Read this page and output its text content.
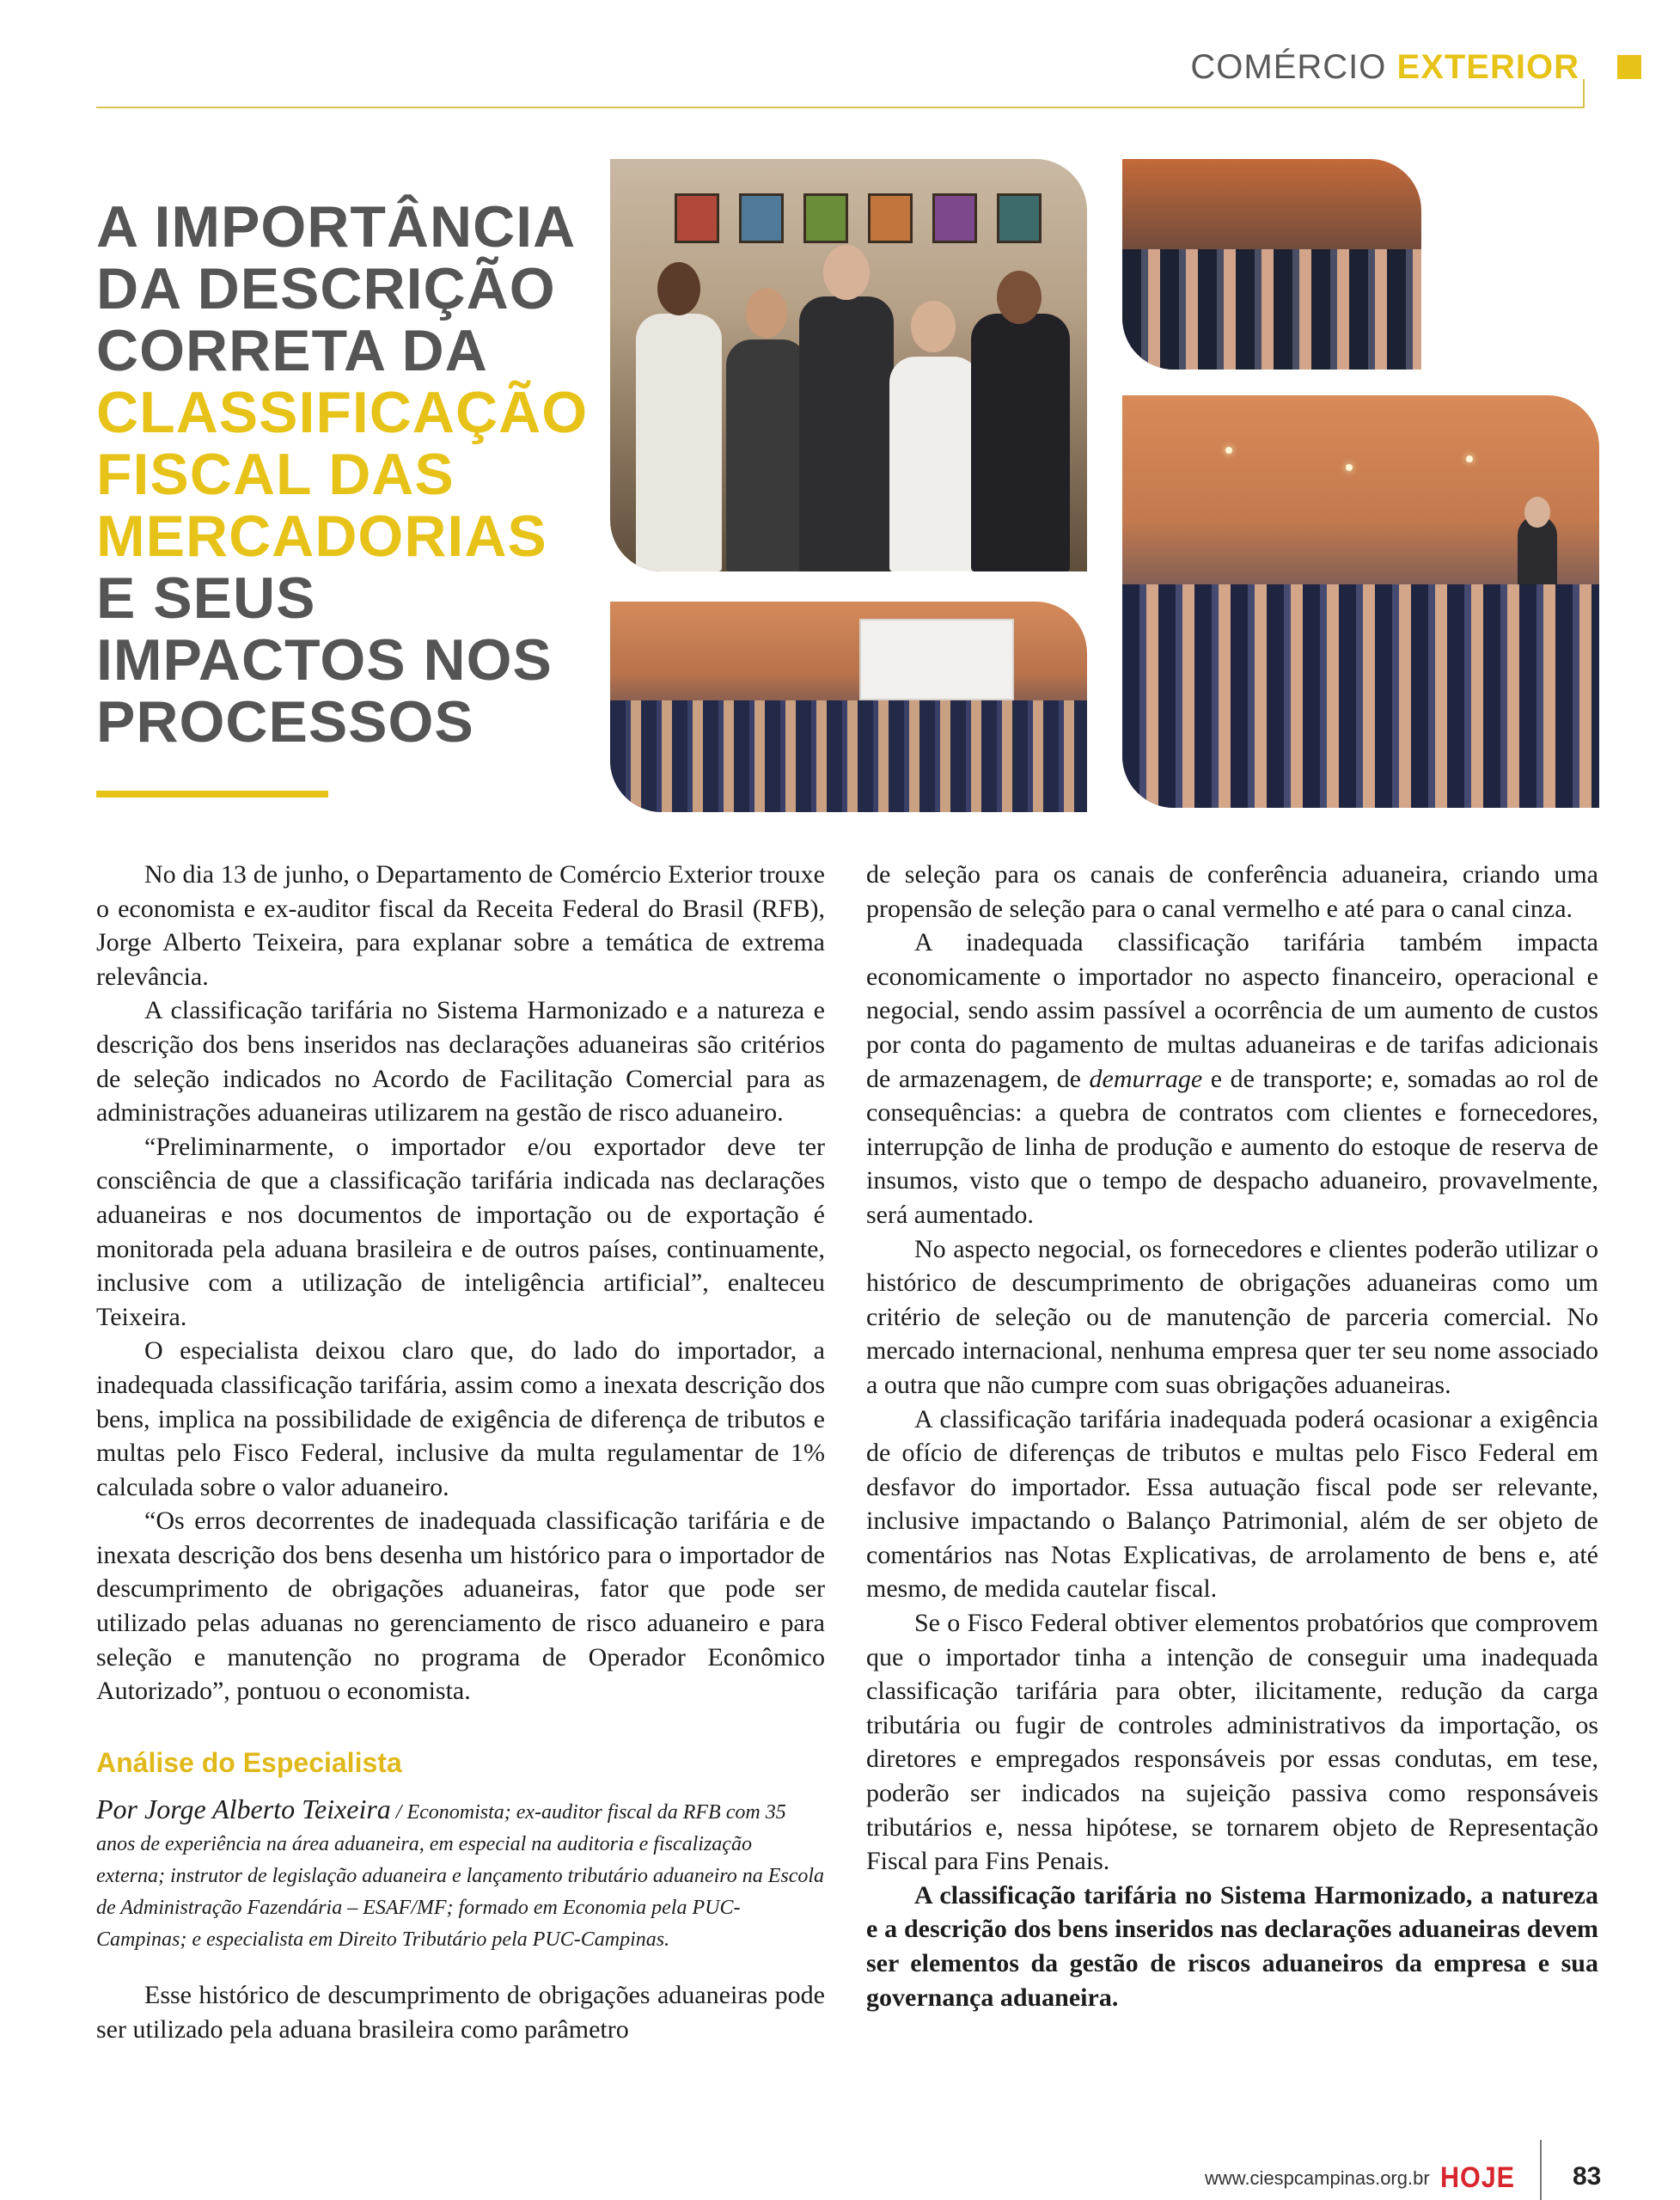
COMÉRCIO EXTERIOR
A IMPORTÂNCIA
DA DESCRIÇÃO
CORRETA DA
CLASSIFICAÇÃO
FISCAL DAS
MERCADORIAS
E SEUS
IMPACTOS NOS
PROCESSOS

No dia 13 de junho, o Departamento de Comércio Exterior trouxe o economista e ex-auditor fiscal da Receita Federal do Brasil (RFB), Jorge Alberto Teixeira, para explanar sobre a temática de extrema relevância.

A classificação tarifária no Sistema Harmonizado e a natureza e descrição dos bens inseridos nas declarações aduaneiras são critérios de seleção indicados no Acordo de Facilitação Comercial para as administrações aduaneiras utilizarem na gestão de risco aduaneiro.

“Preliminarmente, o importador e/ou exportador deve ter consciência de que a classificação tarifária indicada nas declarações aduaneiras e nos documentos de importação ou de exportação é monitorada pela aduana brasileira e de outros países, continuamente, inclusive com a utilização de inteligência artificial”, enalteceu Teixeira.

O especialista deixou claro que, do lado do importador, a inadequada classificação tarifária, assim como a inexata descrição dos bens, implica na possibilidade de exigência de diferença de tributos e multas pelo Fisco Federal, inclusive da multa regulamentar de 1% calculada sobre o valor aduaneiro.

“Os erros decorrentes de inadequada classificação tarifária e de inexata descrição dos bens desenha um histórico para o importador de descumprimento de obrigações aduaneiras, fator que pode ser utilizado pelas aduanas no gerenciamento de risco aduaneiro e para seleção e manutenção no programa de Operador Econômico Autorizado”, pontuou o economista.

Análise do Especialista

Por Jorge Alberto Teixeira / Economista; ex-auditor fiscal da RFB com 35 anos de experiência na área aduaneira, em especial na auditoria e fiscalização externa; instrutor de legislação aduaneira e lançamento tributário aduaneiro na Escola de Administração Fazendária – ESAF/MF; formado em Economia pela PUC-Campinas; e especialista em Direito Tributário pela PUC-Campinas.

Esse histórico de descumprimento de obrigações aduaneiras pode ser utilizado pela aduana brasileira como parâmetro

de seleção para os canais de conferência aduaneira, criando uma propensão de seleção para o canal vermelho e até para o canal cinza.

A inadequada classificação tarifária também impacta economicamente o importador no aspecto financeiro, operacional e negocial, sendo assim passível a ocorrência de um aumento de custos por conta do pagamento de multas aduaneiras e de tarifas adicionais de armazenagem, de demurrage e de transporte; e, somadas ao rol de consequências: a quebra de contratos com clientes e fornecedores, interrupção de linha de produção e aumento do estoque de reserva de insumos, visto que o tempo de despacho aduaneiro, provavelmente, será aumentado.

No aspecto negocial, os fornecedores e clientes poderão utilizar o histórico de descumprimento de obrigações aduaneiras como um critério de seleção ou de manutenção de parceria comercial. No mercado internacional, nenhuma empresa quer ter seu nome associado a outra que não cumpre com suas obrigações aduaneiras.

A classificação tarifária inadequada poderá ocasionar a exigência de ofício de diferenças de tributos e multas pelo Fisco Federal em desfavor do importador. Essa autuação fiscal pode ser relevante, inclusive impactando o Balanço Patrimonial, além de ser objeto de comentários nas Notas Explicativas, de arrolamento de bens e, até mesmo, de medida cautelar fiscal.

Se o Fisco Federal obtiver elementos probatórios que comprovem que o importador tinha a intenção de conseguir uma inadequada classificação tarifária para obter, ilicitamente, redução da carga tributária ou fugir de controles administrativos da importação, os diretores e empregados responsáveis por essas condutas, em tese, poderão ser indicados na sujeição passiva como responsáveis tributários e, nessa hipótese, se tornarem objeto de Representação Fiscal para Fins Penais.

A classificação tarifária no Sistema Harmonizado, a natureza e a descrição dos bens inseridos nas declarações aduaneiras devem ser elementos da gestão de riscos aduaneiros da empresa e sua governança aduaneira.

www.ciespcampinas.org.br HOJE 83
